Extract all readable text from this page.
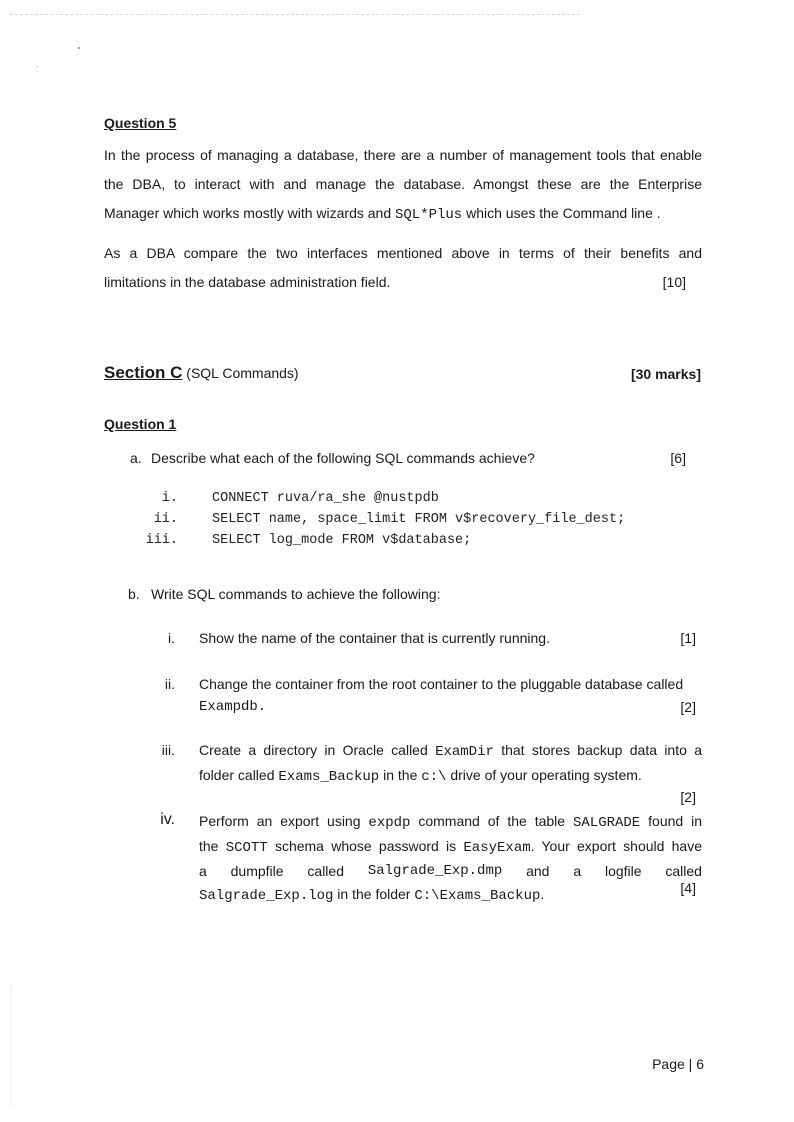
Question 5
In the process of managing a database, there are a number of management tools that enable
the DBA, to interact with and manage the database. Amongst these are the Enterprise
Manager which works mostly with wizards and SQL*Plus which uses the Command line .
As a DBA compare the two interfaces mentioned above in terms of their benefits and
limitations in the database administration field.	[10]
Section C (SQL Commands)	[30 marks]
Question 1
a. Describe what each of the following SQL commands achieve?	[6]
i.	CONNECT ruva/ra_she @nustpdb
ii.	SELECT name, space_limit FROM v$recovery_file_dest;
iii.	SELECT log_mode FROM v$database;
b. Write SQL commands to achieve the following:
i. Show the name of the container that is currently running.	[1]
ii. Change the container from the root container to the pluggable database called
Exampdb.	[2]
iii. Create a directory in Oracle called ExamDir that stores backup data into a
folder called Exams_Backup in the c:\ drive of your operating system.
[2]
iv. Perform an export using expdp command of the table SALGRADE found in
the SCOTT schema whose password is EasyExam. Your export should have
a dumpfile called Salgrade_Exp.dmp and a logfile called
Salgrade_Exp.log in the folder C:\Exams_Backup.	[4]
Page | 6
